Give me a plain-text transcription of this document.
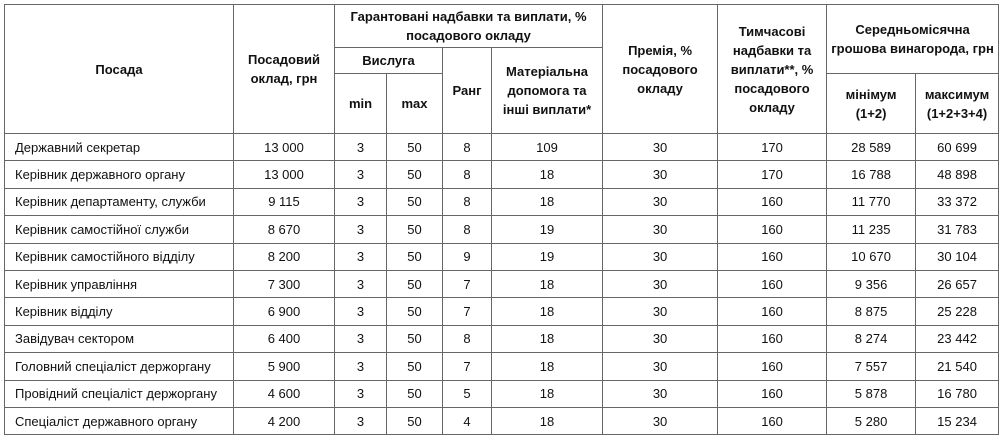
Посада	Посадовий оклад, грн	Гарантовані надбавки та виплати, % посадового окладу				Премія, % посадового окладу	Тимчасові надбавки та виплати**, % посадового окладу	Середньомісячна грошова винагорода, грн	
		Вислуга		Ранг	Матеріальна допомога та інші виплати*				
		min	max					мінімум (1+2)	максимум (1+2+3+4)
Державний секретар	13 000	3	50	8	109	30	170	28 589	60 699
Керівник державного органу	13 000	3	50	8	18	30	170	16 788	48 898
Керівник департаменту, служби	9 115	3	50	8	18	30	160	11 770	33 372
Керівник самостійної служби	8 670	3	50	8	19	30	160	11 235	31 783
Керівник самостійного відділу	8 200	3	50	9	19	30	160	10 670	30 104
Керівник управління	7 300	3	50	7	18	30	160	9 356	26 657
Керівник відділу	6 900	3	50	7	18	30	160	8 875	25 228
Завідувач сектором	6 400	3	50	8	18	30	160	8 274	23 442
Головний спеціаліст держоргану	5 900	3	50	7	18	30	160	7 557	21 540
Провідний спеціаліст держоргану	4 600	3	50	5	18	30	160	5 878	16 780
Спеціаліст державного органу	4 200	3	50	4	18	30	160	5 280	15 234
